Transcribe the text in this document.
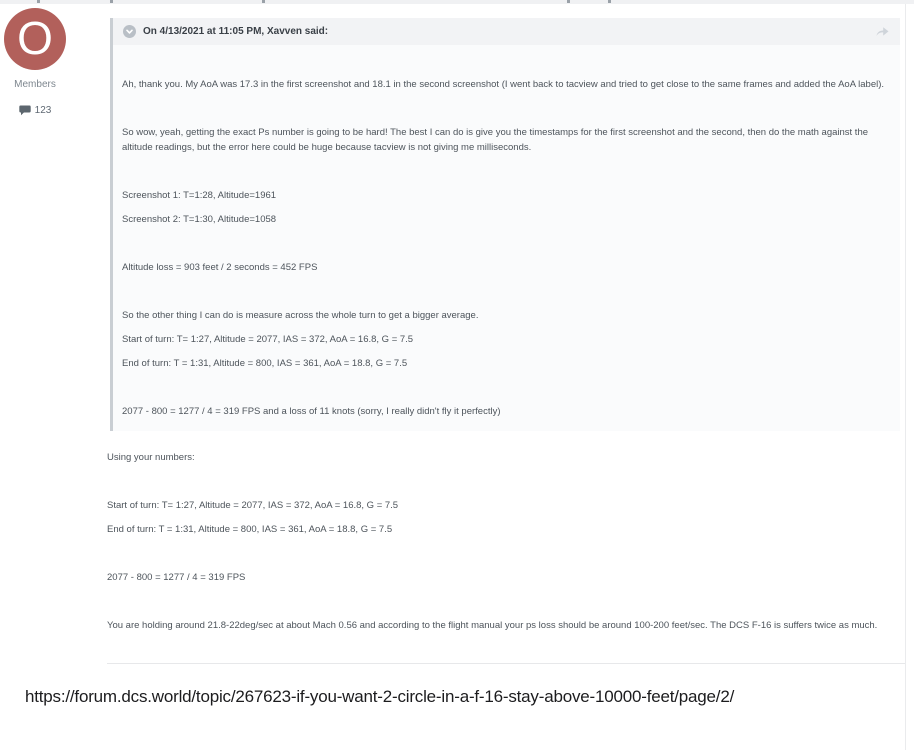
O
Members
123
On 4/13/2021 at 11:05 PM, Xavven said:

Ah, thank you. My AoA was 17.3 in the first screenshot and 18.1 in the second screenshot (I went back to tacview and tried to get close to the same frames and added the AoA label).

So wow, yeah, getting the exact Ps number is going to be hard! The best I can do is give you the timestamps for the first screenshot and the second, then do the math against the altitude readings, but the error here could be huge because tacview is not giving me milliseconds.

Screenshot 1: T=1:28, Altitude=1961

Screenshot 2: T=1:30, Altitude=1058

Altitude loss = 903 feet / 2 seconds = 452 FPS

So the other thing I can do is measure across the whole turn to get a bigger average.

Start of turn: T= 1:27, Altitude = 2077, IAS = 372, AoA = 16.8, G = 7.5

End of turn: T = 1:31, Altitude = 800, IAS = 361, AoA = 18.8, G = 7.5

2077 - 800 = 1277 / 4 = 319 FPS and a loss of 11 knots (sorry, I really didn't fly it perfectly)

Using your numbers:

Start of turn: T= 1:27, Altitude = 2077, IAS = 372, AoA = 16.8, G = 7.5

End of turn: T = 1:31, Altitude = 800, IAS = 361, AoA = 18.8, G = 7.5

2077 - 800 = 1277 / 4 = 319 FPS

You are holding around 21.8-22deg/sec at about Mach 0.56 and according to the flight manual your ps loss should be around 100-200 feet/sec. The DCS F-16 is suffers twice as much.

https://forum.dcs.world/topic/267623-if-you-want-2-circle-in-a-f-16-stay-above-10000-feet/page/2/
